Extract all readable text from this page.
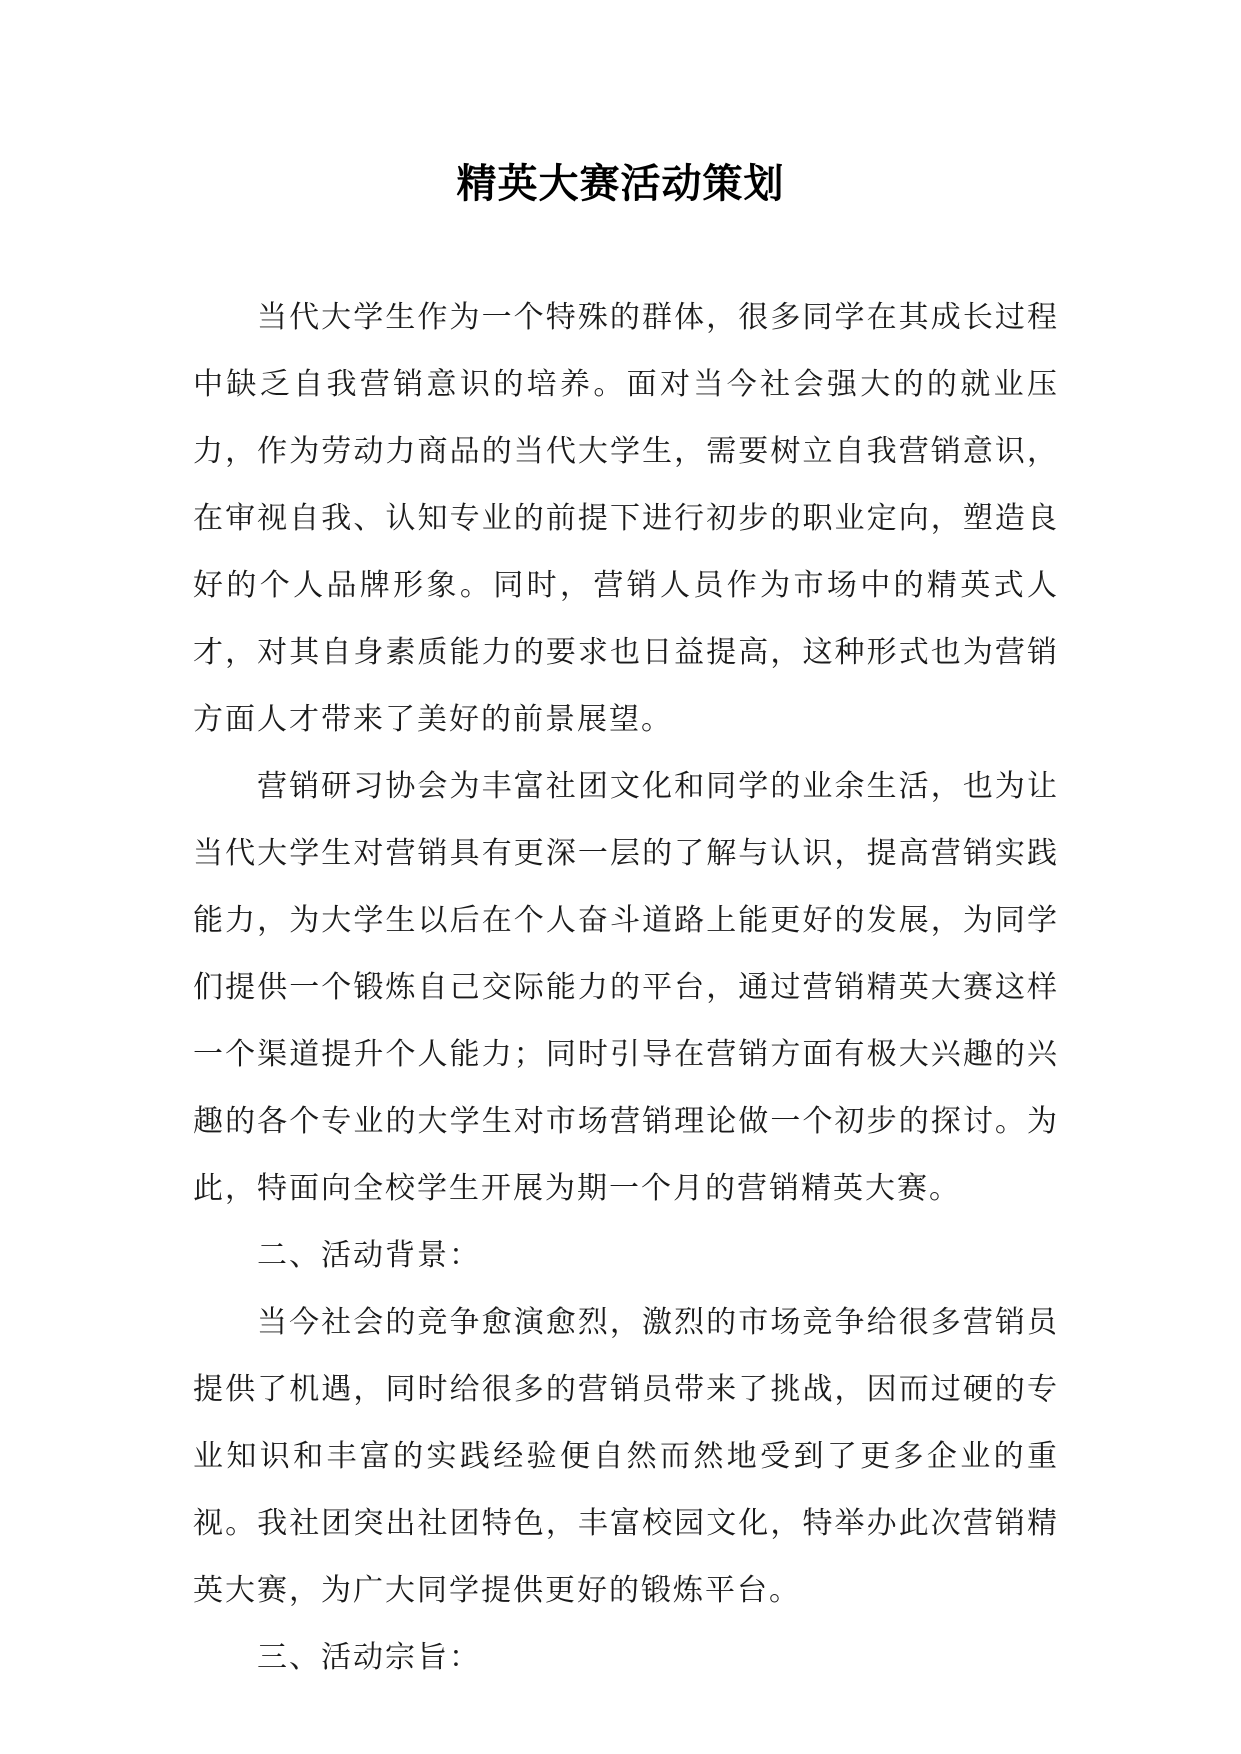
精英大赛活动策划

当代大学生作为一个特殊的群体，很多同学在其成长过程中缺乏自我营销意识的培养。面对当今社会强大的的就业压力，作为劳动力商品的当代大学生，需要树立自我营销意识，在审视自我、认知专业的前提下进行初步的职业定向，塑造良好的个人品牌形象。同时，营销人员作为市场中的精英式人才，对其自身素质能力的要求也日益提高，这种形式也为营销方面人才带来了美好的前景展望。

营销研习协会为丰富社团文化和同学的业余生活，也为让当代大学生对营销具有更深一层的了解与认识，提高营销实践能力，为大学生以后在个人奋斗道路上能更好的发展，为同学们提供一个锻炼自己交际能力的平台，通过营销精英大赛这样一个渠道提升个人能力；同时引导在营销方面有极大兴趣的兴趣的各个专业的大学生对市场营销理论做一个初步的探讨。为此，特面向全校学生开展为期一个月的营销精英大赛。

二、活动背景：

当今社会的竞争愈演愈烈，激烈的市场竞争给很多营销员提供了机遇，同时给很多的营销员带来了挑战，因而过硬的专业知识和丰富的实践经验便自然而然地受到了更多企业的重视。我社团突出社团特色，丰富校园文化，特举办此次营销精英大赛，为广大同学提供更好的锻炼平台。

三、活动宗旨：
